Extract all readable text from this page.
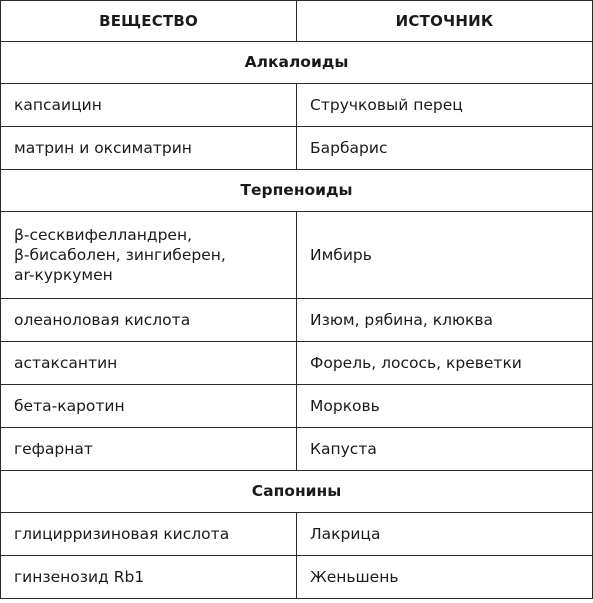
ВЕЩЕСТВО	ИСТОЧНИК
Алкалоиды	
капсаицин	Стручковый перец
матрин и оксиматрин	Барбарис
Терпеноиды	
β-сесквифелландрен,
β-бисаболен, зингиберен,
ar-куркумен	Имбирь
олеаноловая кислота	Изюм, рябина, клюква
астаксантин	Форель, лосось, креветки
бета-каротин	Морковь
гефарнат	Капуста
Сапонины	
глицирризиновая кислота	Лакрица
гинзенозид Rb1	Женьшень
